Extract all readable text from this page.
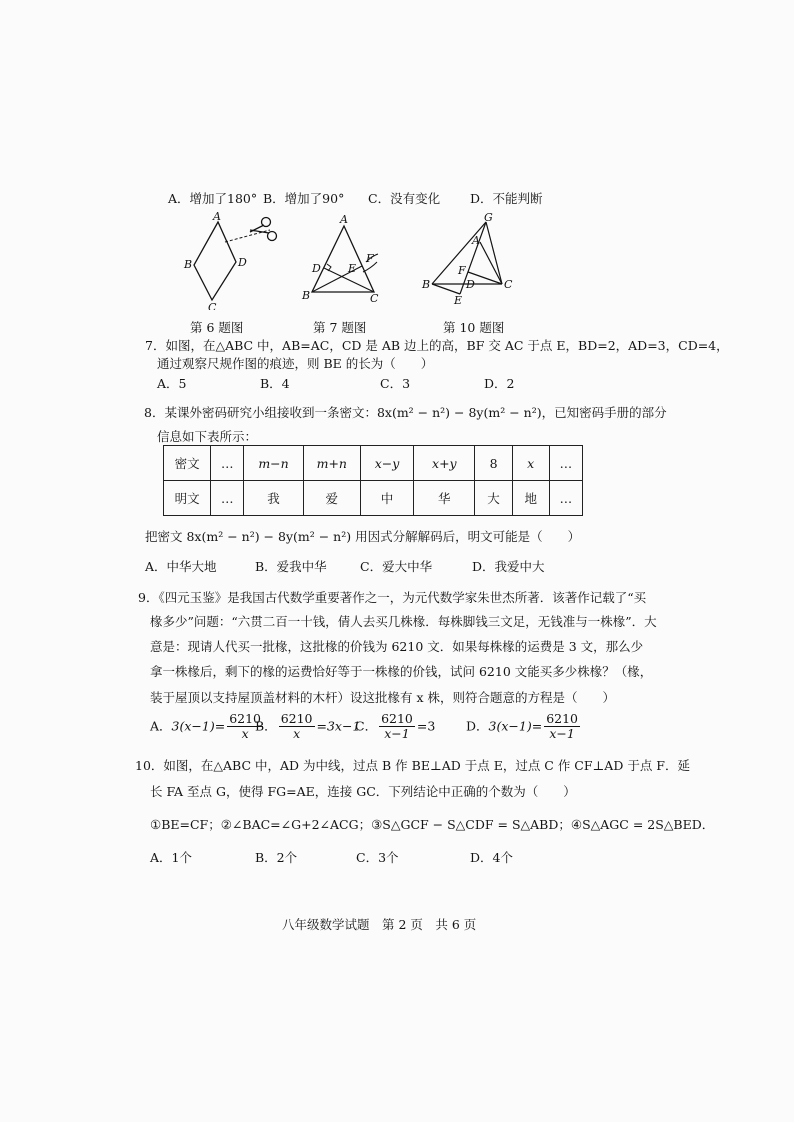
A．增加了180° B．增加了90° C．没有变化 D．不能判断
A
B
C
D
A
B	C
D E
F
G
A
B	C
D
E
F
第 6 题图	第 7 题图	第 10 题图
7．如图，在△ABC 中，AB=AC，CD 是 AB 边上的高，BF 交 AC 于点 E，BD=2，AD=3，CD=4，
通过观察尺规作图的痕迹，则 BE 的长为（　　）
A．5	B．4	C．3	D．2
8．某课外密码研究小组接收到一条密文：8x(m² − n²) − 8y(m² − n²)，已知密码手册的部分
信息如下表所示：
密文	…	m−n	m+n	x−y	x+y	8	x	…
明文	…	我	爱	中	华	大	地	…
把密文 8x(m² − n²) − 8y(m² − n²) 用因式分解解码后，明文可能是（　　）
A．中华大地	B．爱我中华	C．爱大中华	D．我爱中大
9．《四元玉鉴》是我国古代数学重要著作之一，为元代数学家朱世杰所著．该著作记载了“买
椽多少”问题：“六贯二百一十钱，倩人去买几株椽．每株脚钱三文足，无钱准与一株椽”．大
意是：现请人代买一批椽，这批椽的价钱为 6210 文．如果每株椽的运费是 3 文，那么少
拿一株椽后，剩下的椽的运费恰好等于一株椽的价钱，试问 6210 文能买多少株椽？（椽，
装于屋顶以支持屋顶盖材料的木杆）设这批椽有 x 株，则符合题意的方程是（　　）
A．$3(x-1)= \frac{6210}{x}$
B． $\frac{6210}{x} =3x-1$
C． $\frac{6210}{x-1} =3$ D．$3(x-1)= \frac{6210}{x-1}$
10．如图，在△ABC 中，AD 为中线，过点 B 作 BE⊥AD 于点 E，过点 C 作 CF⊥AD 于点 F．延
长 FA 至点 G，使得 FG=AE，连接 GC．下列结论中正确的个数为（　　）
①BE=CF；②∠BAC=∠G+2∠ACG；③S△GCF − S△CDF = S△ABD；④S△AGC = 2S△BED．
A．1个	B．2个	C．3个	D．4个
八年级数学试题　第 2 页　共 6 页
